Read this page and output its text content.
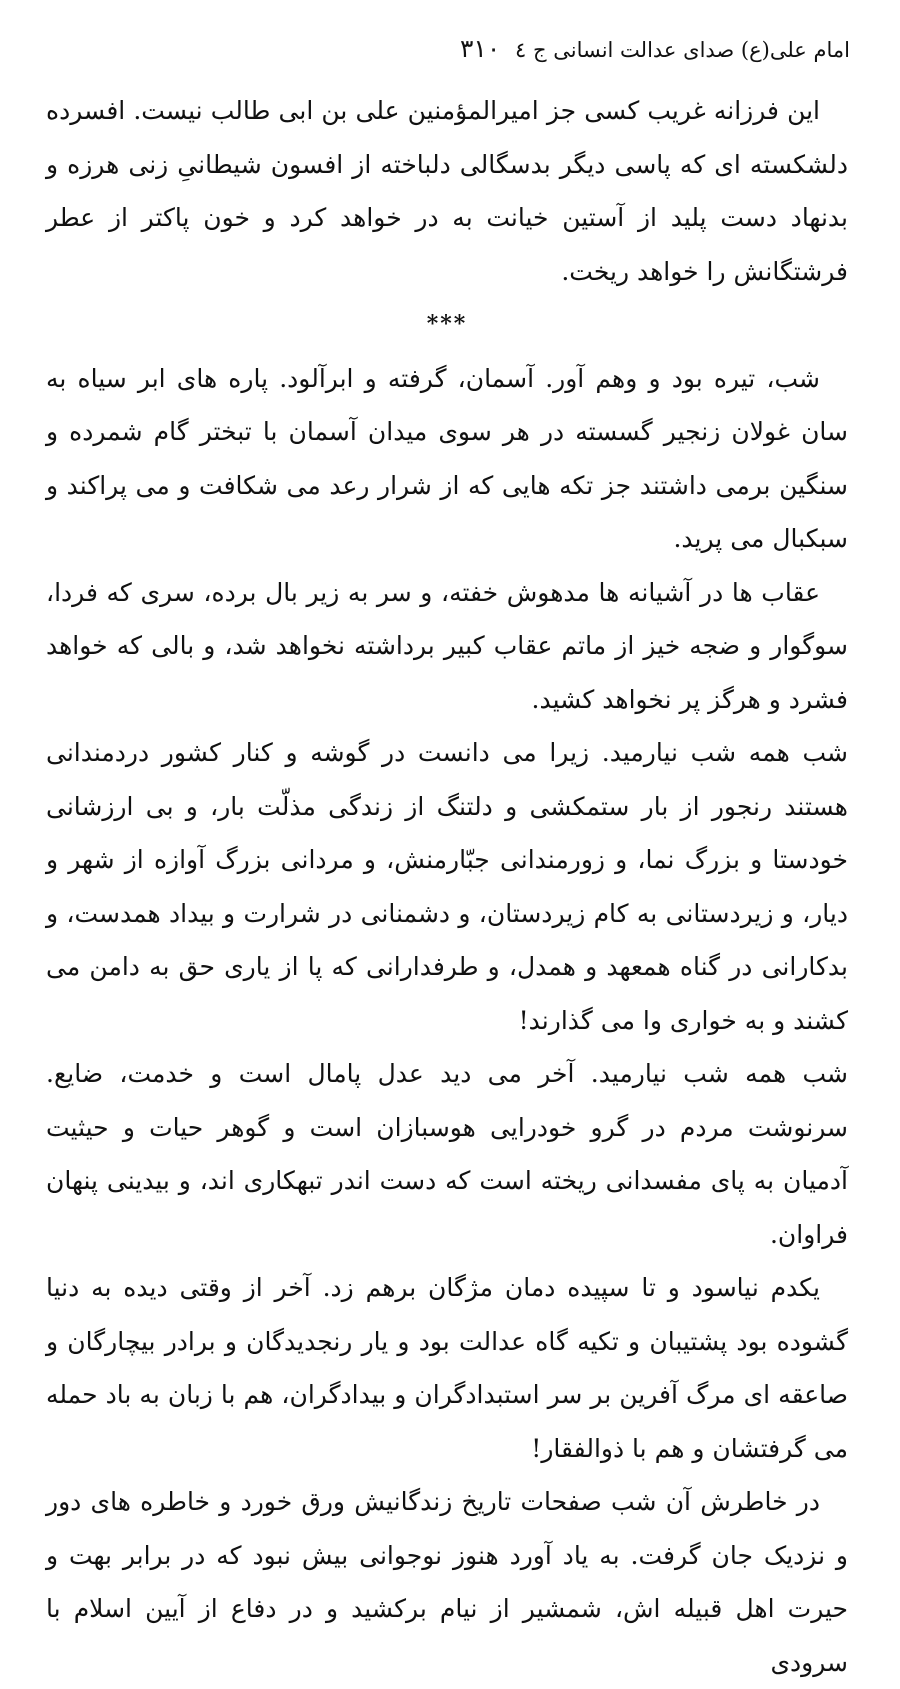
امام علی(ع) صدای عدالت انسانی ج ٤
٣١٠

این فرزانه غریب کسی جز امیرالمؤمنین علی بن ابی طالب نیست. افسرده دلشکسته ای که پاسی دیگر بدسگالی دلباخته از افسون شیطانیِ زنی هرزه و بدنهاد دست پلید از آستین خیانت به در خواهد کرد و خون پاکتر از عطر فرشتگانش را خواهد ریخت.

***

شب، تیره بود و وهم آور. آسمان، گرفته و ابرآلود. پاره های ابر سیاه به سان غولان زنجیر گسسته در هر سوی میدان آسمان با تبختر گام شمرده و سنگین برمی داشتند جز تکه هایی که از شرار رعد می شکافت و می پراکند و سبکبال می پرید.

عقاب ها در آشیانه ها مدهوش خفته، و سر به زیر بال برده، سری که فردا، سوگوار و ضجه خیز از ماتم عقاب کبیر برداشته نخواهد شد، و بالی که خواهد فشرد و هرگز پر نخواهد کشید.

شب همه شب نیارمید. زیرا می دانست در گوشه و کنار کشور دردمندانی هستند رنجور از بار ستمکشی و دلتنگ از زندگی مذلّت بار، و بی ارزشانی خودستا و بزرگ نما، و زورمندانی جبّارمنش، و مردانی بزرگ آوازه از شهر و دیار، و زیردستانی به کام زیردستان، و دشمنانی در شرارت و بیداد همدست، و بدکارانی در گناه همعهد و همدل، و طرفدارانی که پا از یاری حق به دامن می کشند و به خواری وا می گذارند!

شب همه شب نیارمید. آخر می دید عدل پامال است و خدمت، ضایع. سرنوشت مردم در گرو خودرایی هوسبازان است و گوهر حیات و حیثیت آدمیان به پای مفسدانی ریخته است که دست اندر تبهکاری اند، و بیدینی پنهان فراوان.

یکدم نیاسود و تا سپیده دمان مژگان برهم زد. آخر از وقتی دیده به دنیا گشوده بود پشتیبان و تکیه گاه عدالت بود و یار رنجدیدگان و برادر بیچارگان و صاعقه ای مرگ آفرین بر سر استبدادگران و بیدادگران، هم با زبان به باد حمله می گرفتشان و هم با ذوالفقار!

در خاطرش آن شب صفحات تاریخ زندگانیش ورق خورد و خاطره های دور و نزدیک جان گرفت. به یاد آورد هنوز نوجوانی بیش نبود که در برابر بهت و حیرت اهل قبیله اش، شمشیر از نیام برکشید و در دفاع از آیین اسلام با سرودی
